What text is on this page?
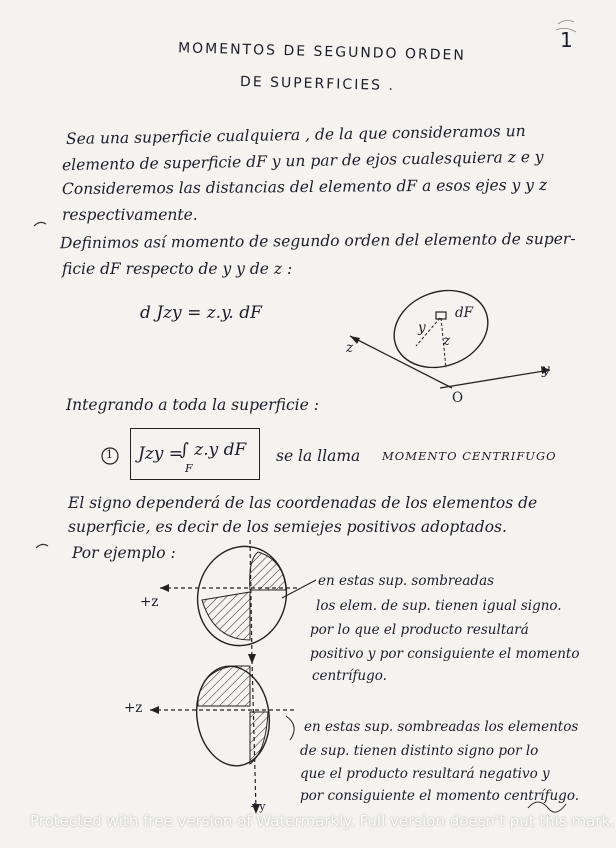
1
MOMENTOS DE SEGUNDO ORDEN
DE SUPERFICIES .
Sea una superficie cualquiera , de la que consideramos un
elemento de superficie dF y un par de ejos cualesquiera z e y
Consideremos las distancias del elemento dF a esos ejes y y z
respectivamente.
Definimos así momento de segundo orden del elemento de super-
ficie dF respecto de y y de z :
d Jzy = z.y. dF	dF
y
z
z
y
O
Integrando a toda la superficie :
1 Jzy =
∫ z.y dF
F
se la llama MOMENTO CENTRIFUGO
El signo dependerá de las coordenadas de los elementos de
superficie, es decir de los semiejes positivos adoptados.
Por ejemplo :
+z
en estas sup. sombreadas
los elem. de sup. tienen igual signo.
por lo que el producto resultará
positivo y por consiguiente el momento
centrífugo.
+z
+y
en estas sup. sombreadas los elementos
de sup. tienen distinto signo por lo
que el producto resultará negativo y
por consiguiente el momento centrífugo.
Protected with free version of Watermarkly. Full version doesn't put this mark.
